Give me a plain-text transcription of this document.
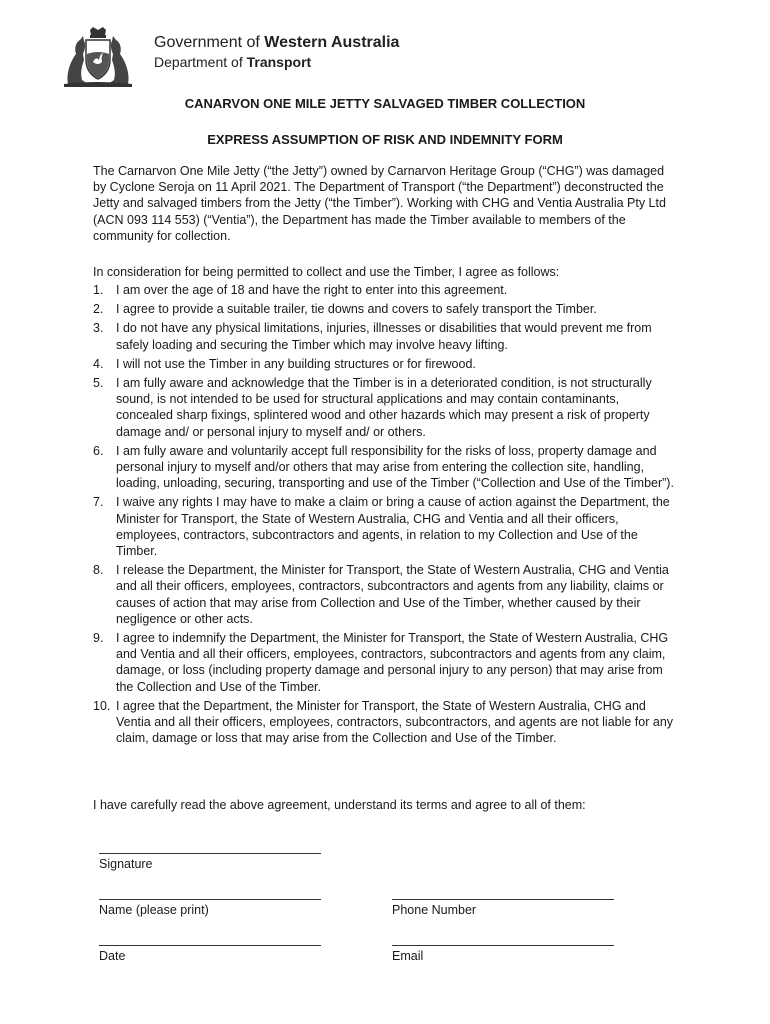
Government of Western Australia
Department of Transport
CANARVON ONE MILE JETTY SALVAGED TIMBER COLLECTION
EXPRESS ASSUMPTION OF RISK AND INDEMNITY FORM
The Carnarvon One Mile Jetty (“the Jetty”) owned by Carnarvon Heritage Group (“CHG”) was damaged by Cyclone Seroja on 11 April 2021. The Department of Transport (“the Department”) deconstructed the Jetty and salvaged timbers from the Jetty (“the Timber”). Working with CHG and Ventia Australia Pty Ltd (ACN 093 114 553) (“Ventia”), the Department has made the Timber available to members of the community for collection.
In consideration for being permitted to collect and use the Timber, I agree as follows:
1.	I am over the age of 18 and have the right to enter into this agreement.
2.	I agree to provide a suitable trailer, tie downs and covers to safely transport the Timber.
3.	I do not have any physical limitations, injuries, illnesses or disabilities that would prevent me from safely loading and securing the Timber which may involve heavy lifting.
4.	I will not use the Timber in any building structures or for firewood.
5.	I am fully aware and acknowledge that the Timber is in a deteriorated condition, is not structurally sound, is not intended to be used for structural applications and may contain contaminants, concealed sharp fixings, splintered wood and other hazards which may present a risk of property damage and/ or personal injury to myself and/ or others.
6.	I am fully aware and voluntarily accept full responsibility for the risks of loss, property damage and personal injury to myself and/or others that may arise from entering the collection site, handling, loading, unloading, securing, transporting and use of the Timber (“Collection and Use of the Timber”).
7.	I waive any rights I may have to make a claim or bring a cause of action against the Department, the Minister for Transport, the State of Western Australia, CHG and Ventia and all their officers, employees, contractors, subcontractors and agents, in relation to my Collection and Use of the Timber.
8.	I release the Department, the Minister for Transport, the State of Western Australia, CHG and Ventia and all their officers, employees, contractors, subcontractors and agents from any liability, claims or causes of action that may arise from Collection and Use of the Timber, whether caused by their negligence or other acts.
9.	I agree to indemnify the Department, the Minister for Transport, the State of Western Australia, CHG and Ventia and all their officers, employees, contractors, subcontractors and agents from any claim, damage, or loss (including property damage and personal injury to any person) that may arise from the Collection and Use of the Timber.
10. I agree that the Department, the Minister for Transport, the State of Western Australia, CHG and Ventia and all their officers, employees, contractors, subcontractors, and agents are not liable for any claim, damage or loss that may arise from the Collection and Use of the Timber.
I have carefully read the above agreement, understand its terms and agree to all of them:
Signature
Name (please print)	Phone Number
Date	Email
